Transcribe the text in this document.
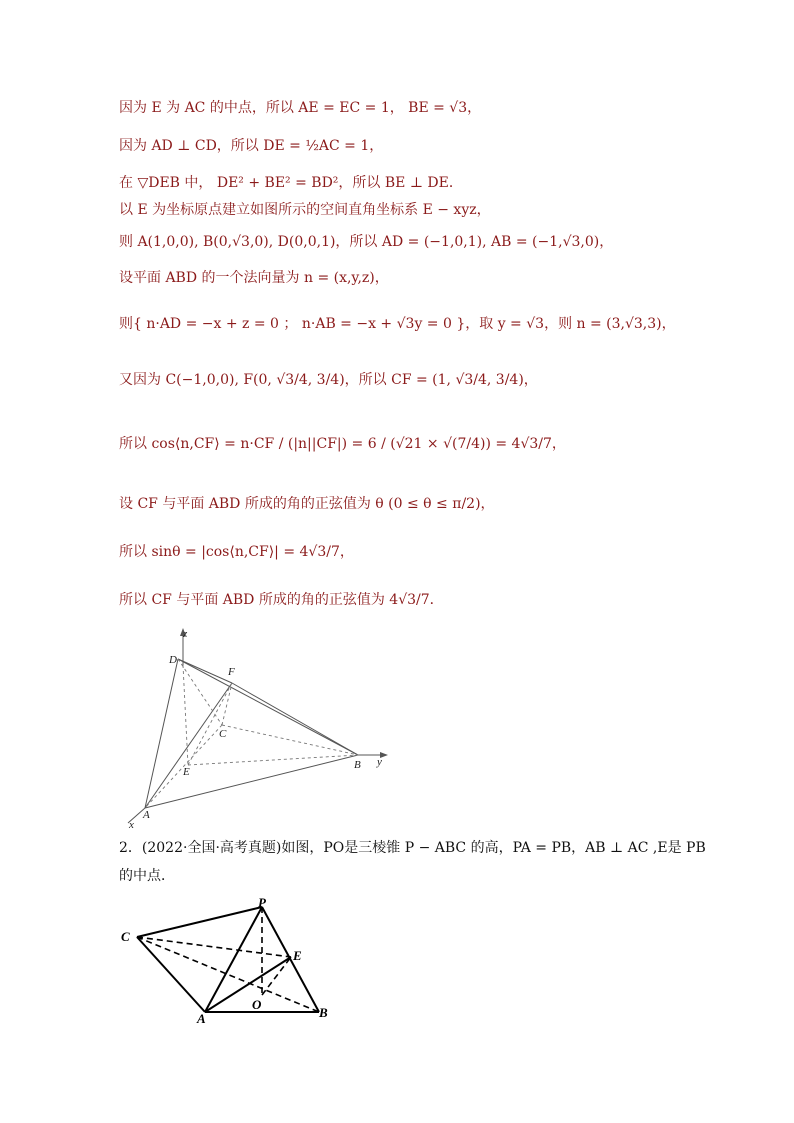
因为 E 为 AC 的中点，所以 AE = EC = 1， BE = √3，
因为 AD ⊥ CD，所以 DE = ½AC = 1，
在 ▽DEB 中， DE² + BE² = BD²，所以 BE ⊥ DE．
以 E 为坐标原点建立如图所示的空间直角坐标系 E − xyz，
则 A(1,0,0), B(0,√3,0), D(0,0,1)，所以 AD = (−1,0,1), AB = (−1,√3,0)，
设平面 ABD 的一个法向量为 n = (x,y,z)，
则{ n·AD = −x + z = 0 ； n·AB = −x + √3y = 0 }，取 y = √3，则 n = (3,√3,3)，
又因为 C(−1,0,0), F(0, √3/4, 3/4)，所以 CF = (1, √3/4, 3/4)，
所以 cos⟨n,CF⟩ = n·CF / (|n||CF|) = 6 / (√21 × √(7/4)) = 4√3/7，
设 CF 与平面 ABD 所成的角的正弦值为 θ (0 ≤ θ ≤ π/2)，
所以 sinθ = |cos⟨n,CF⟩| = 4√3/7，
所以 CF 与平面 ABD 所成的角的正弦值为 4√3/7．
z
D
F
C
E
B y
A
x
2．(2022·全国·高考真题)如图，PO是三棱锥 P − ABC 的高，PA = PB，AB ⊥ AC ,E是 PB
的中点．
P
C
E
O
A	B
